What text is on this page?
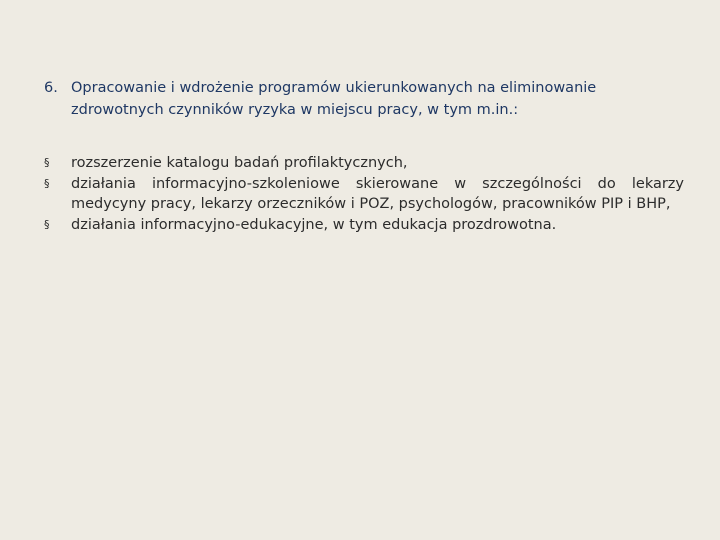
6. Opracowanie i wdrożenie programów ukierunkowanych na eliminowanie zdrowotnych czynników ryzyka w miejscu pracy, w tym m.in.:
§	rozszerzenie katalogu badań profilaktycznych,
§	działania informacyjno-szkoleniowe skierowane w szczególności do lekarzy medycyny pracy, lekarzy orzeczników i POZ, psychologów, pracowników PIP i BHP,
§	działania informacyjno-edukacyjne, w tym edukacja prozdrowotna.
